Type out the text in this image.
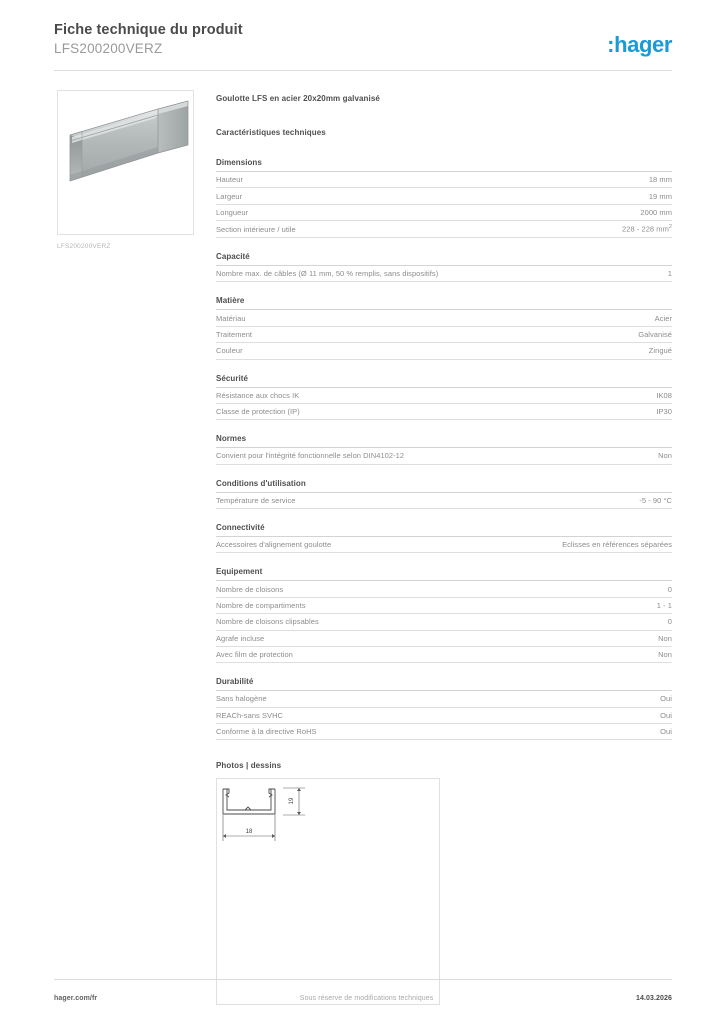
Fiche technique du produit
LFS200200VERZ	:hager
LFS200200VERZ
Goulotte LFS en acier 20x20mm galvanisé
Caractéristiques techniques
Dimensions
Hauteur	18 mm
Largeur	19 mm
Longueur	2000 mm
Section intérieure / utile	228 - 228 $mm^2$
Capacité
Nombre max. de câbles (Ø 11 mm, 50 % remplis, sans dispositifs)	1
Matière
Matériau	Acier
Traitement	Galvanisé
Couleur	Zingué
Sécurité
Résistance aux chocs IK	IK08
Classe de protection (IP)	IP30
Normes
Convient pour l'intégrité fonctionnelle selon DIN4102-12	Non
Conditions d'utilisation
Température de service	-5 - 90 °C
Connectivité
Accessoires d'alignement goulotte	Eclisses en références séparées
Equipement
Nombre de cloisons	0
Nombre de compartiments	1 - 1
Nombre de cloisons clipsables	0
Agrafe incluse	Non
Avec film de protection	Non
Durabilité
Sans halogène	Oui
REACh-sans SVHC	Oui
Conforme à la directive RoHS	Oui
Photos | dessins
19
18
hager.com/fr	Sous réserve de modifications techniques	14.03.2026
